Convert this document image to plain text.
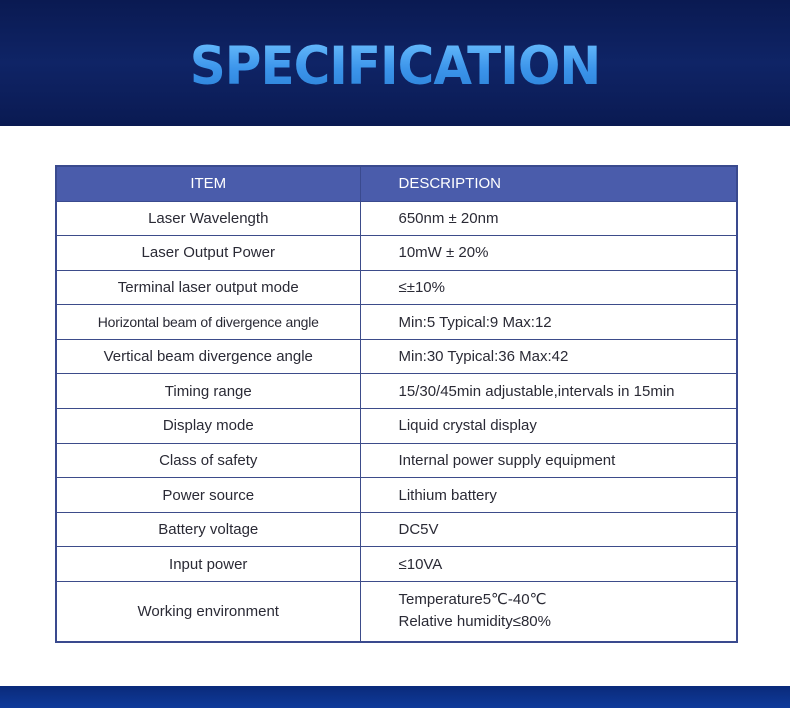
SPECIFICATION
ITEM	DESCRIPTION
Laser Wavelength	650nm ± 20nm
Laser Output Power	10mW ± 20%
Terminal laser output mode	≤±10%
Horizontal beam of divergence angle	Min:5 Typical:9 Max:12
Vertical beam divergence angle	Min:30 Typical:36 Max:42
Timing range	15/30/45min adjustable,intervals in 15min
Display mode	Liquid crystal display
Class of safety	Internal power supply equipment
Power source	Lithium battery
Battery voltage	DC5V
Input power	≤10VA
Working environment	Temperature5℃-40℃
Relative humidity≤80%
